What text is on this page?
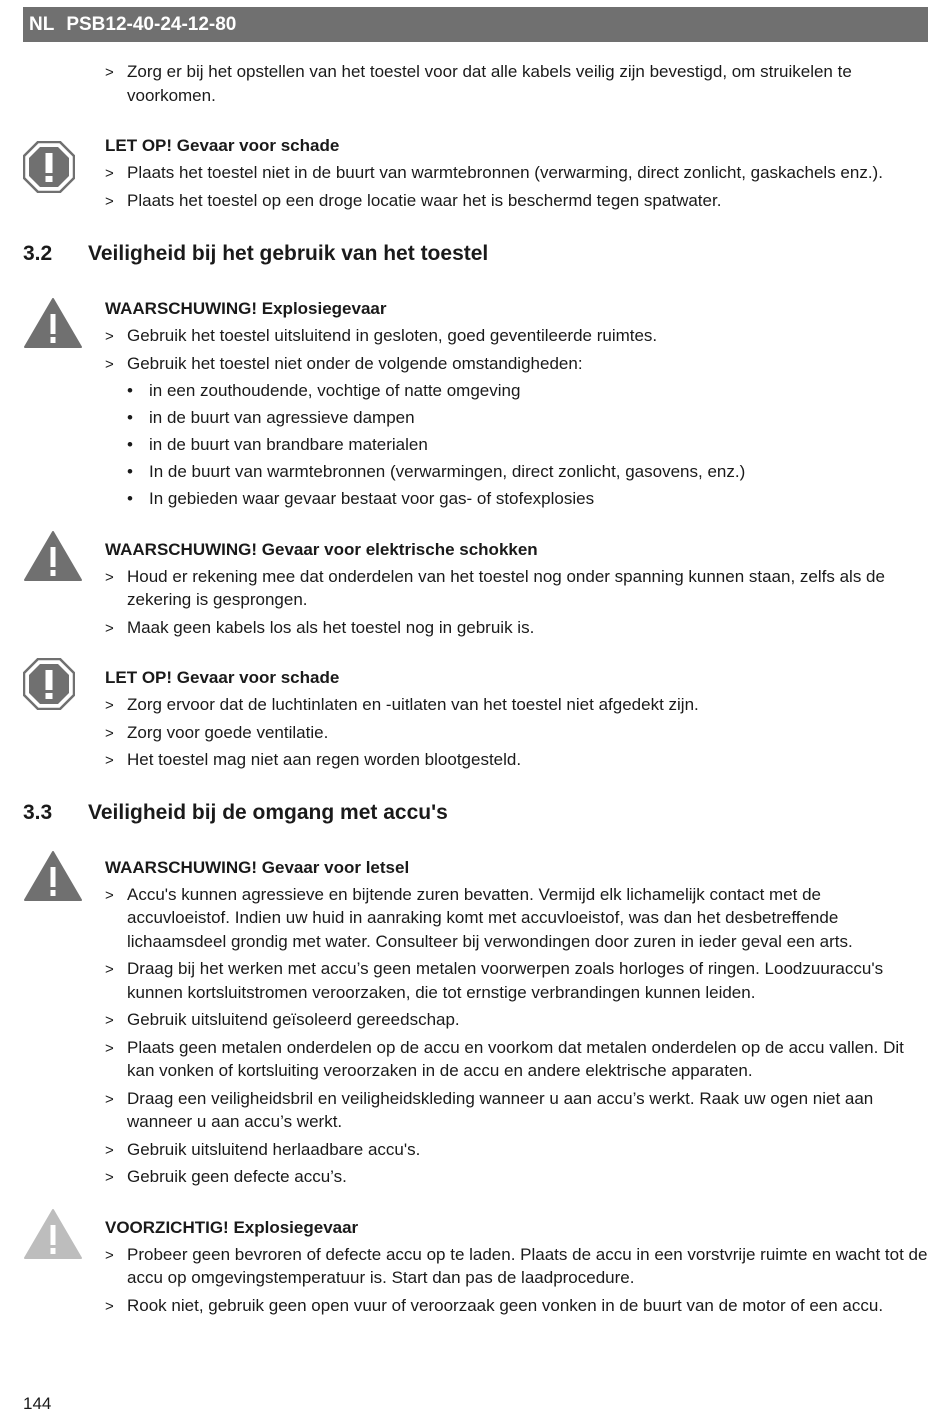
NL PSB12-40-24-12-80
> Zorg er bij het opstellen van het toestel voor dat alle kabels veilig zijn bevestigd, om struikelen te voorkomen.
LET OP! Gevaar voor schade
> Plaats het toestel niet in de buurt van warmtebronnen (verwarming, direct zonlicht, gaskachels enz.).
> Plaats het toestel op een droge locatie waar het is beschermd tegen spatwater.
3.2	Veiligheid bij het gebruik van het toestel
WAARSCHUWING! Explosiegevaar
> Gebruik het toestel uitsluitend in gesloten, goed geventileerde ruimtes.
> Gebruik het toestel niet onder de volgende omstandigheden:
• in een zouthoudende, vochtige of natte omgeving
• in de buurt van agressieve dampen
• in de buurt van brandbare materialen
• In de buurt van warmtebronnen (verwarmingen, direct zonlicht, gasovens, enz.)
• In gebieden waar gevaar bestaat voor gas- of stofexplosies
WAARSCHUWING! Gevaar voor elektrische schokken
> Houd er rekening mee dat onderdelen van het toestel nog onder spanning kunnen staan, zelfs als de zekering is gesprongen.
> Maak geen kabels los als het toestel nog in gebruik is.
LET OP! Gevaar voor schade
> Zorg ervoor dat de luchtinlaten en -uitlaten van het toestel niet afgedekt zijn.
> Zorg voor goede ventilatie.
> Het toestel mag niet aan regen worden blootgesteld.
3.3	Veiligheid bij de omgang met accu's
WAARSCHUWING! Gevaar voor letsel
> Accu's kunnen agressieve en bijtende zuren bevatten. Vermijd elk lichamelijk contact met de accuvloeistof. Indien uw huid in aanraking komt met accuvloeistof, was dan het desbetreffende lichaamsdeel grondig met water. Consulteer bij verwondingen door zuren in ieder geval een arts.
> Draag bij het werken met accu’s geen metalen voorwerpen zoals horloges of ringen. Loodzuuraccu's kunnen kortsluitstromen veroorzaken, die tot ernstige verbrandingen kunnen leiden.
> Gebruik uitsluitend geïsoleerd gereedschap.
> Plaats geen metalen onderdelen op de accu en voorkom dat metalen onderdelen op de accu vallen. Dit kan vonken of kortsluiting veroorzaken in de accu en andere elektrische apparaten.
> Draag een veiligheidsbril en veiligheidskleding wanneer u aan accu’s werkt. Raak uw ogen niet aan wanneer u aan accu’s werkt.
> Gebruik uitsluitend herlaadbare accu's.
> Gebruik geen defecte accu’s.
VOORZICHTIG! Explosiegevaar
> Probeer geen bevroren of defecte accu op te laden. Plaats de accu in een vorstvrije ruimte en wacht tot de accu op omgevingstemperatuur is. Start dan pas de laadprocedure.
> Rook niet, gebruik geen open vuur of veroorzaak geen vonken in de buurt van de motor of een accu.
144
